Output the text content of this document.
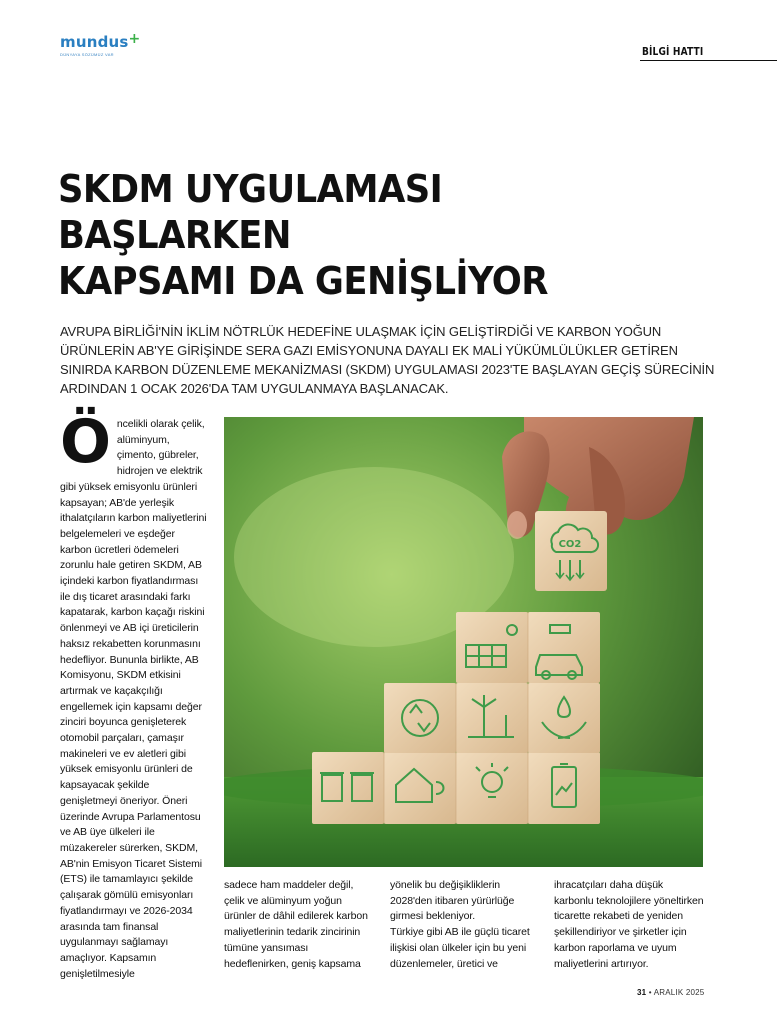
mundus+
DÜNYAYA SÖZÜMÜZ VAR	BİLGİ HATTI
SKDM UYGULAMASI
BAŞLARKEN
KAPSAMI DA GENİŞLİYOR
AVRUPA BİRLİĞİ'NİN İKLİM NÖTRLÜK HEDEFİNE ULAŞMAK İÇİN GELİŞTİRDİĞİ VE KARBON YOĞUN ÜRÜNLERİN AB'YE GİRİŞİNDE SERA GAZI EMİSYONUNA DAYALI EK MALİ YÜKÜMLÜLÜKLER GETİREN SINIRDA KARBON DÜZENLEME MEKANİZMASI (SKDM) UYGULAMASI 2023'TE BAŞLAYAN GEÇİŞ SÜRECİNİN ARDINDAN 1 OCAK 2026'DA TAM UYGULANMAYA BAŞLANACAK.
Ö ncelikli olarak çelik, alüminyum, çimento, gübreler, hidrojen ve elektrik gibi yüksek emisyonlu ürünleri kapsayan; AB'de yerleşik ithalatçıların karbon maliyetlerini belgelemeleri ve eşdeğer karbon ücretleri ödemeleri zorunlu hale getiren SKDM, AB içindeki karbon fiyatlandırması ile dış ticaret arasındaki farkı kapatarak, karbon kaçağı riskini önlenmeyi ve AB içi üreticilerin haksız rekabetten korunmasını hedefliyor. Bununla birlikte, AB Komisyonu, SKDM etkisini artırmak ve kaçakçılığı engellemek için kapsamı değer zinciri boyunca genişleterek otomobil parçaları, çamaşır makineleri ve ev aletleri gibi yüksek emisyonlu ürünleri de kapsayacak şekilde genişletmeyi öneriyor. Öneri üzerinde Avrupa Parlamentosu ve AB üye ülkeleri ile müzakereler sürerken, SKDM, AB'nin Emisyon Ticaret Sistemi (ETS) ile tamamlayıcı şekilde çalışarak gömülü emisyonları fiyatlandırmayı ve 2026-2034 arasında tam finansal uygulanmayı sağlamayı amaçlıyor. Kapsamın genişletilmesiyle
CO2

sadece ham maddeler değil, çelik ve alüminyum yoğun ürünler de dâhil edilerek karbon maliyetlerinin tedarik zincirinin tümüne yansıması hedeflenirken, geniş kapsama

yönelik bu değişikliklerin 2028'den itibaren yürürlüğe girmesi bekleniyor.

Türkiye gibi AB ile güçlü ticaret ilişkisi olan ülkeler için bu yeni düzenlemeler, üretici ve

ihracatçıları daha düşük karbonlu teknolojilere yöneltirken ticarette rekabeti de yeniden şekillendiriyor ve şirketler için karbon raporlama ve uyum maliyetlerini artırıyor.

31 • ARALIK 2025
